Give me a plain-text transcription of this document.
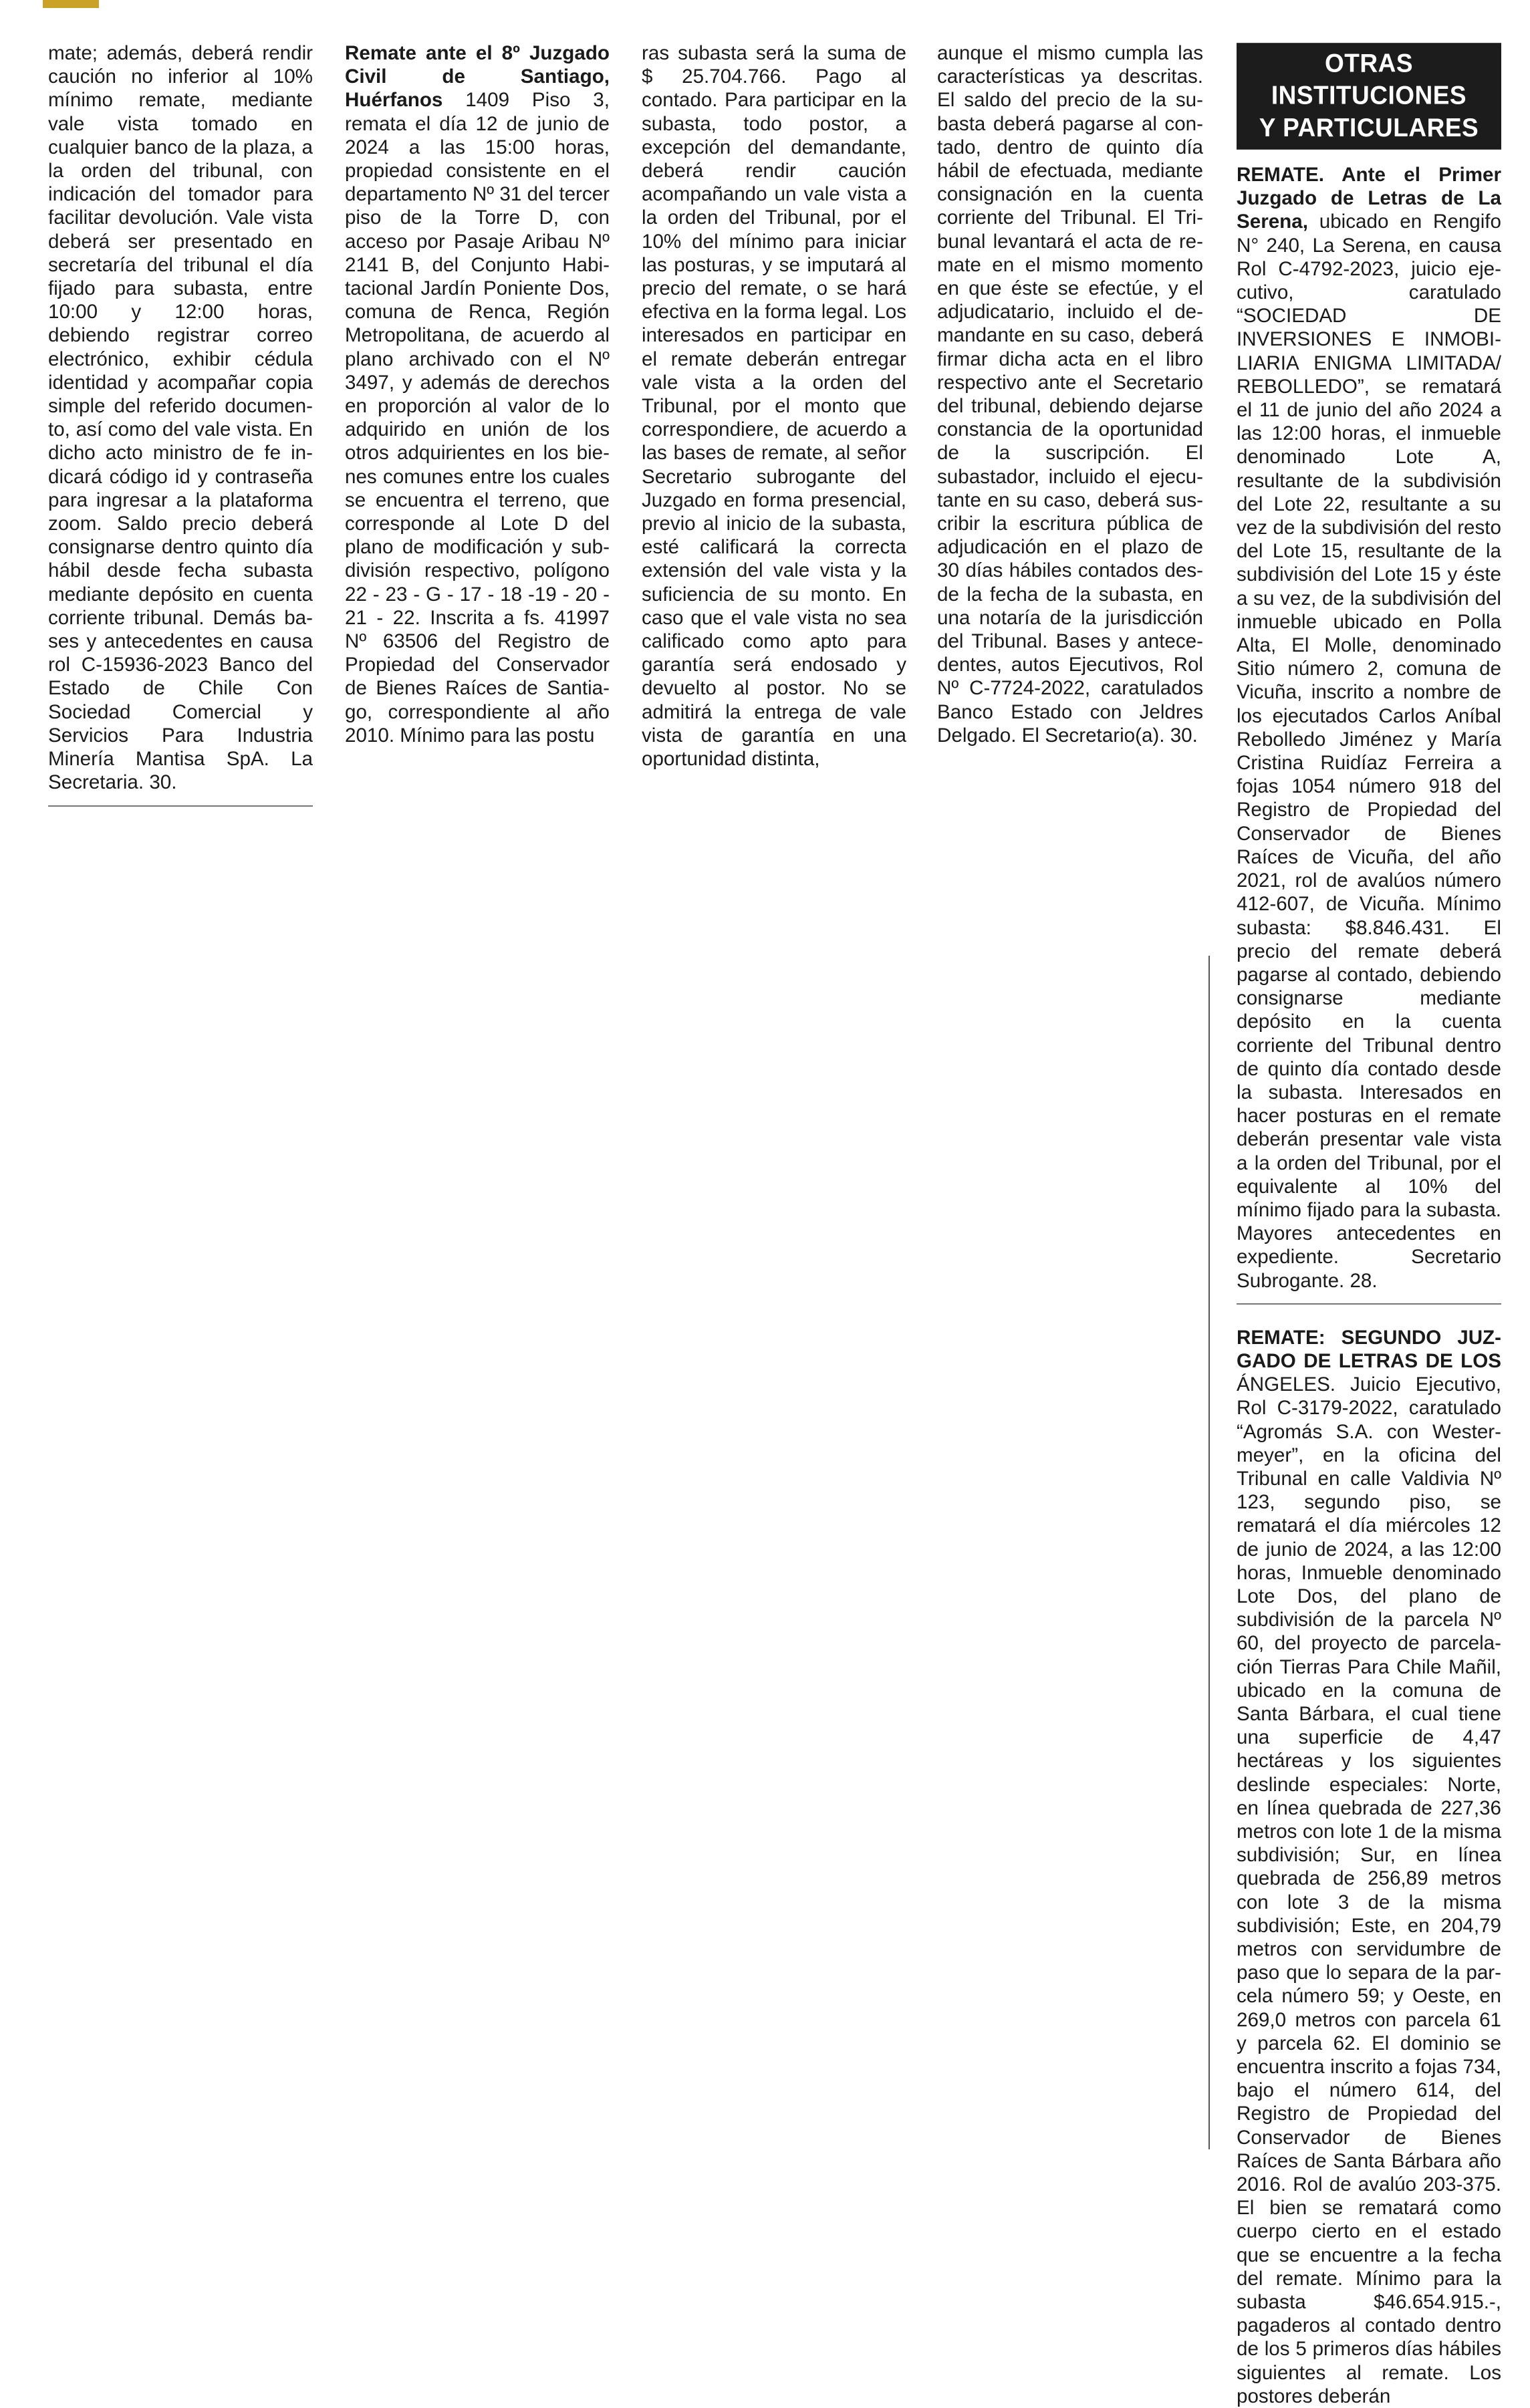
mate; además, deberá rendir caución no inferior al 10% mínimo remate, mediante vale vista tomado en cualquier banco de la plaza, a la orden del tribunal, con indicación del tomador para facilitar devolución. Vale vista deberá ser presentado en secretaría del tribunal el día fijado para subasta, entre 10:00 y 12:00 horas, debiendo registrar correo electrónico, exhibir cédula identidad y acompañar copia simple del referido documento, así como del vale vista. En dicho acto ministro de fe indicará código id y contraseña para ingresar a la plataforma zoom. Saldo precio deberá consignarse dentro quinto día hábil desde fecha subasta mediante depósito en cuenta corriente tribunal. Demás bases y antecedentes en causa rol C-15936-2023 Banco del Estado de Chile Con Sociedad Comercial y Servicios Para Industria Minería Mantisa SpA. La Secretaria. 30.

Remate ante el 8º Juzgado Civil de Santiago, Huérfanos 1409 Piso 3, remata el día 12 de junio de 2024 a las 15:00 horas, propiedad consistente en el departamento Nº 31 del tercer piso de la Torre D, con acceso por Pasaje Aribau Nº 2141 B, del Conjunto Habitacional Jardín Poniente Dos, comuna de Renca, Región Metropolitana, de acuerdo al plano archivado con el Nº 3497, y además de derechos en proporción al valor de lo adquirido en unión de los otros adquirientes en los bienes comunes entre los cuales se encuentra el terreno, que corresponde al Lote D del plano de modificación y subdivisión respectivo, polígono 22 - 23 - G - 17 - 18 -19 - 20 - 21 - 22. Inscrita a fs. 41997 Nº 63506 del Registro de Propiedad del Conservador de Bienes Raíces de Santiago, correspondiente al año 2010. Mínimo para las postu

ras subasta será la suma de $ 25.704.766. Pago al contado. Para participar en la subasta, todo postor, a excepción del demandante, deberá rendir caución acompañando un vale vista a la orden del Tribunal, por el 10% del mínimo para iniciar las posturas, y se imputará al precio del remate, o se hará efectiva en la forma legal. Los interesados en participar en el remate deberán entregar vale vista a la orden del Tribunal, por el monto que correspondiere, de acuerdo a las bases de remate, al señor Secretario subrogante del Juzgado en forma presencial, previo al inicio de la subasta, esté calificará la correcta extensión del vale vista y la suficiencia de su monto. En caso que el vale vista no sea calificado como apto para garantía será endosado y devuelto al postor. No se admitirá la entrega de vale vista de garantía en una oportunidad distinta,

aunque el mismo cumpla las características ya descritas. El saldo del precio de la subasta deberá pagarse al contado, dentro de quinto día hábil de efectuada, mediante consignación en la cuenta corriente del Tribunal. El Tribunal levantará el acta de remate en el mismo momento en que éste se efectúe, y el adjudicatario, incluido el demandante en su caso, deberá firmar dicha acta en el libro respectivo ante el Secretario del tribunal, debiendo dejarse constancia de la oportunidad de la suscripción. El subastador, incluido el ejecutante en su caso, deberá suscribir la escritura pública de adjudicación en el plazo de 30 días hábiles contados desde la fecha de la subasta, en una notaría de la jurisdicción del Tribunal. Bases y antecedentes, autos Ejecutivos, Rol Nº C-7724-2022, caratulados Banco Estado con Jeldres Delgado. El Secretario(a). 30.

OTRAS INSTITUCIONES
Y PARTICULARES

REMATE. Ante el Primer Juzgado de Letras de La Serena, ubicado en Rengifo N° 240, La Serena, en causa Rol C-4792-2023, juicio ejecutivo, caratulado “SOCIEDAD DE INVERSIONES E INMOBILIARIA ENIGMA LIMITADA/ REBOLLEDO”, se rematará el 11 de junio del año 2024 a las 12:00 horas, el inmueble denominado Lote A, resultante de la subdivisión del Lote 22, resultante a su vez de la subdivisión del resto del Lote 15, resultante de la subdivisión del Lote 15 y éste a su vez, de la subdivisión del inmueble ubicado en Polla Alta, El Molle, denominado Sitio número 2, comuna de Vicuña, inscrito a nombre de los ejecutados Carlos Aníbal Rebolledo Jiménez y María Cristina Ruidíaz Ferreira a fojas 1054 número 918 del Registro de Propiedad del Conservador de Bienes Raíces de Vicuña, del año 2021, rol de avalúos número 412-607, de Vicuña. Mínimo subasta: $8.846.431. El precio del remate deberá pagarse al contado, debiendo consignarse mediante depósito en la cuenta corriente del Tribunal dentro de quinto día contado desde la subasta. Interesados en hacer posturas en el remate deberán presentar vale vista a la orden del Tribunal, por el equivalente al 10% del mínimo fijado para la subasta. Mayores antecedentes en expediente. Secretario Subrogante. 28.

REMATE: SEGUNDO JUZGADO DE LETRAS DE LOS ÁNGELES. Juicio Ejecutivo, Rol C-3179-2022, caratulado “Agromás S.A. con Westermeyer”, en la oficina del Tribunal en calle Valdivia Nº 123, segundo piso, se rematará el día miércoles 12 de junio de 2024, a las 12:00 horas, Inmueble denominado Lote Dos, del plano de subdivisión de la parcela Nº 60, del proyecto de parcelación Tierras Para Chile Mañil, ubicado en la comuna de Santa Bárbara, el cual tiene una superficie de 4,47 hectáreas y los siguientes deslinde especiales: Norte, en línea quebrada de 227,36 metros con lote 1 de la misma subdivisión; Sur, en línea quebrada de 256,89 metros con lote 3 de la misma subdivisión; Este, en 204,79 metros con servidumbre de paso que lo separa de la parcela número 59; y Oeste, en 269,0 metros con parcela 61 y parcela 62. El dominio se encuentra inscrito a fojas 734, bajo el número 614, del Registro de Propiedad del Conservador de Bienes Raíces de Santa Bárbara año 2016. Rol de avalúo 203-375. El bien se rematará como cuerpo cierto en el estado que se encuentre a la fecha del remate. Mínimo para la subasta $46.654.915.-, pagaderos al contado dentro de los 5 primeros días hábiles siguientes al remate. Los postores deberán
